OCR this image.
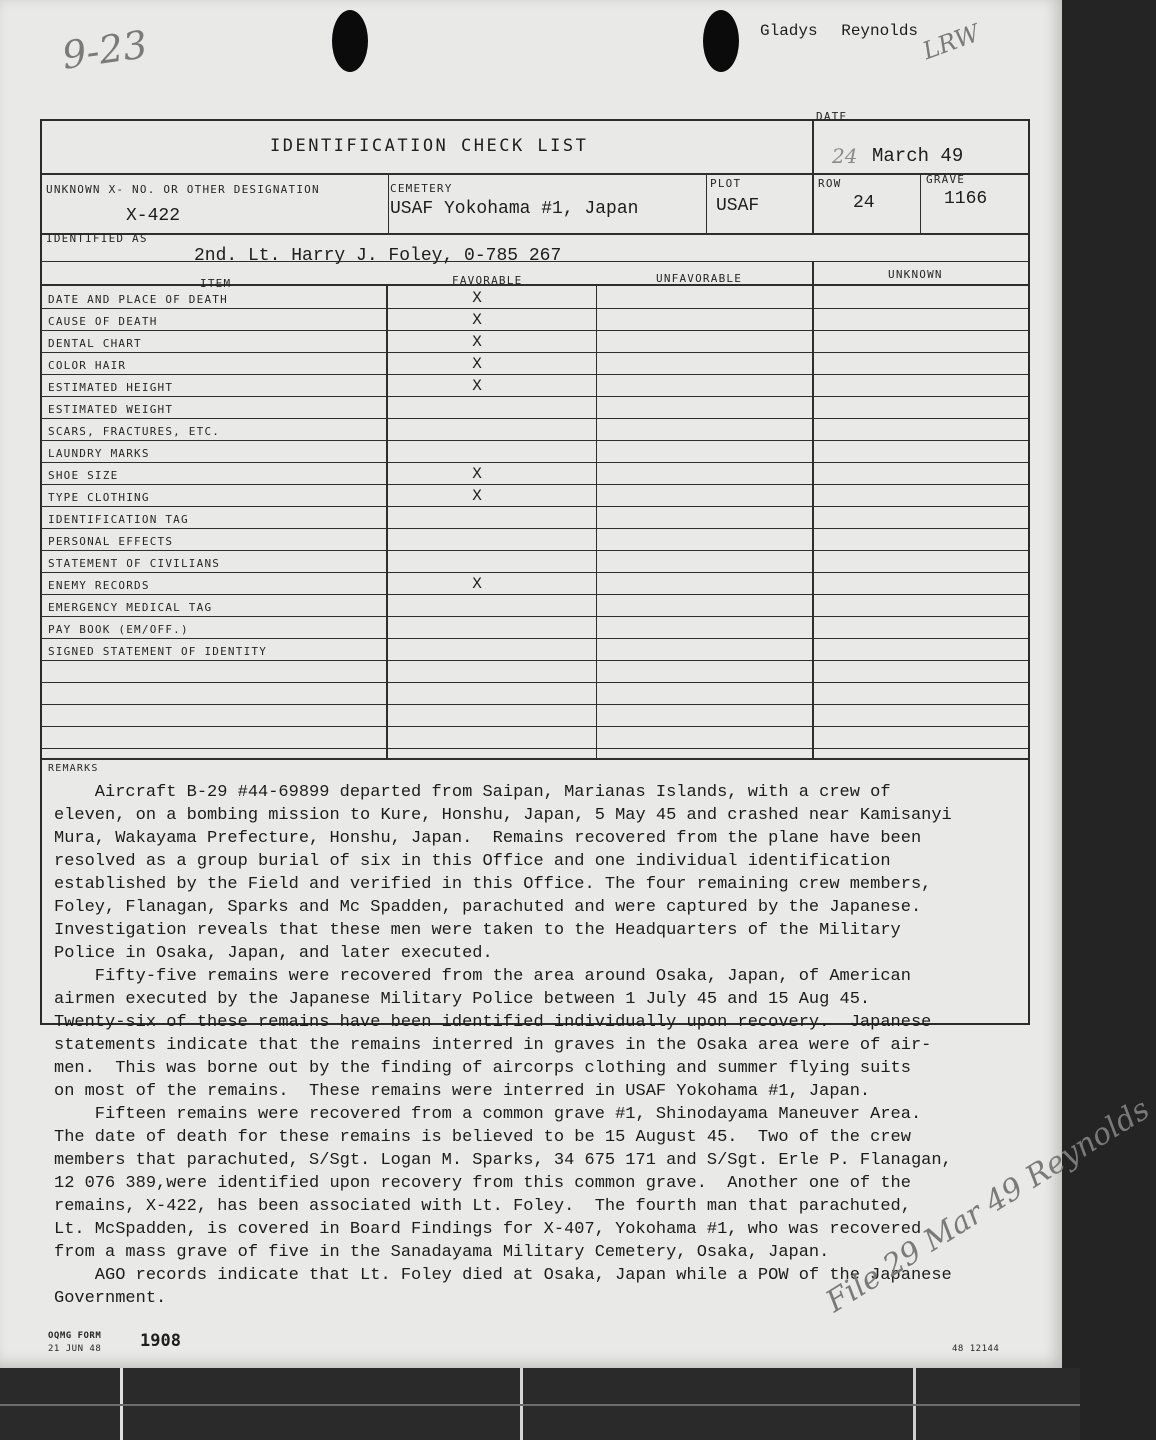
9-23	LRW
Gladys Reynolds
IDENTIFICATION CHECK LIST
DATE
24 March 49
UNKNOWN X- NO. OR OTHER DESIGNATION
X-422
CEMETERY
USAF Yokohama #1, Japan
PLOT
USAF
ROW
24
GRAVE
1166
IDENTIFIED AS
2nd. Lt. Harry J. Foley, 0-785 267
ITEM	FAVORABLE	UNFAVORABLE	UNKNOWN
DATE AND PLACE OF DEATH	X
CAUSE OF DEATH	X
DENTAL CHART	X
COLOR HAIR	X
ESTIMATED HEIGHT	X
ESTIMATED WEIGHT
SCARS, FRACTURES, ETC.
LAUNDRY MARKS
SHOE SIZE	X
TYPE CLOTHING	X
IDENTIFICATION TAG
PERSONAL EFFECTS
STATEMENT OF CIVILIANS
ENEMY RECORDS	X
EMERGENCY MEDICAL TAG
PAY BOOK (EM/OFF.)
SIGNED STATEMENT OF IDENTITY
REMARKS

Aircraft B-29 #44-69899 departed from Saipan, Marianas Islands, with a crew of

eleven, on a bombing mission to Kure, Honshu, Japan, 5 May 45 and crashed near Kamisanyi

Mura, Wakayama Prefecture, Honshu, Japan.  Remains recovered from the plane have been

resolved as a group burial of six in this Office and one individual identification

established by the Field and verified in this Office. The four remaining crew members,

Foley, Flanagan, Sparks and Mc Spadden, parachuted and were captured by the Japanese.

Investigation reveals that these men were taken to the Headquarters of the Military

Police in Osaka, Japan, and later executed.

Fifty-five remains were recovered from the area around Osaka, Japan, of American

airmen executed by the Japanese Military Police between 1 July 45 and 15 Aug 45.

Twenty-six of these remains have been identified individually upon recovery.  Japanese

statements indicate that the remains interred in graves in the Osaka area were of air-

men.  This was borne out by the finding of aircorps clothing and summer flying suits

on most of the remains.  These remains were interred in USAF Yokohama #1, Japan.

Fifteen remains were recovered from a common grave #1, Shinodayama Maneuver Area.

The date of death for these remains is believed to be 15 August 45.  Two of the crew

members that parachuted, S/Sgt. Logan M. Sparks, 34 675 171 and S/Sgt. Erle P. Flanagan,

12 076 389,were identified upon recovery from this common grave.  Another one of the

remains, X-422, has been associated with Lt. Foley.  The fourth man that parachuted,

Lt. McSpadden, is covered in Board Findings for X-407, Yokohama #1, who was recovered

from a mass grave of five in the Sanadayama Military Cemetery, Osaka, Japan.

AGO records indicate that Lt. Foley died at Osaka, Japan while a POW of the Japanese

Government.	File 29 Mar 49 Reynolds
OQMG FORM 1908
21 JUN 48	48 12144
